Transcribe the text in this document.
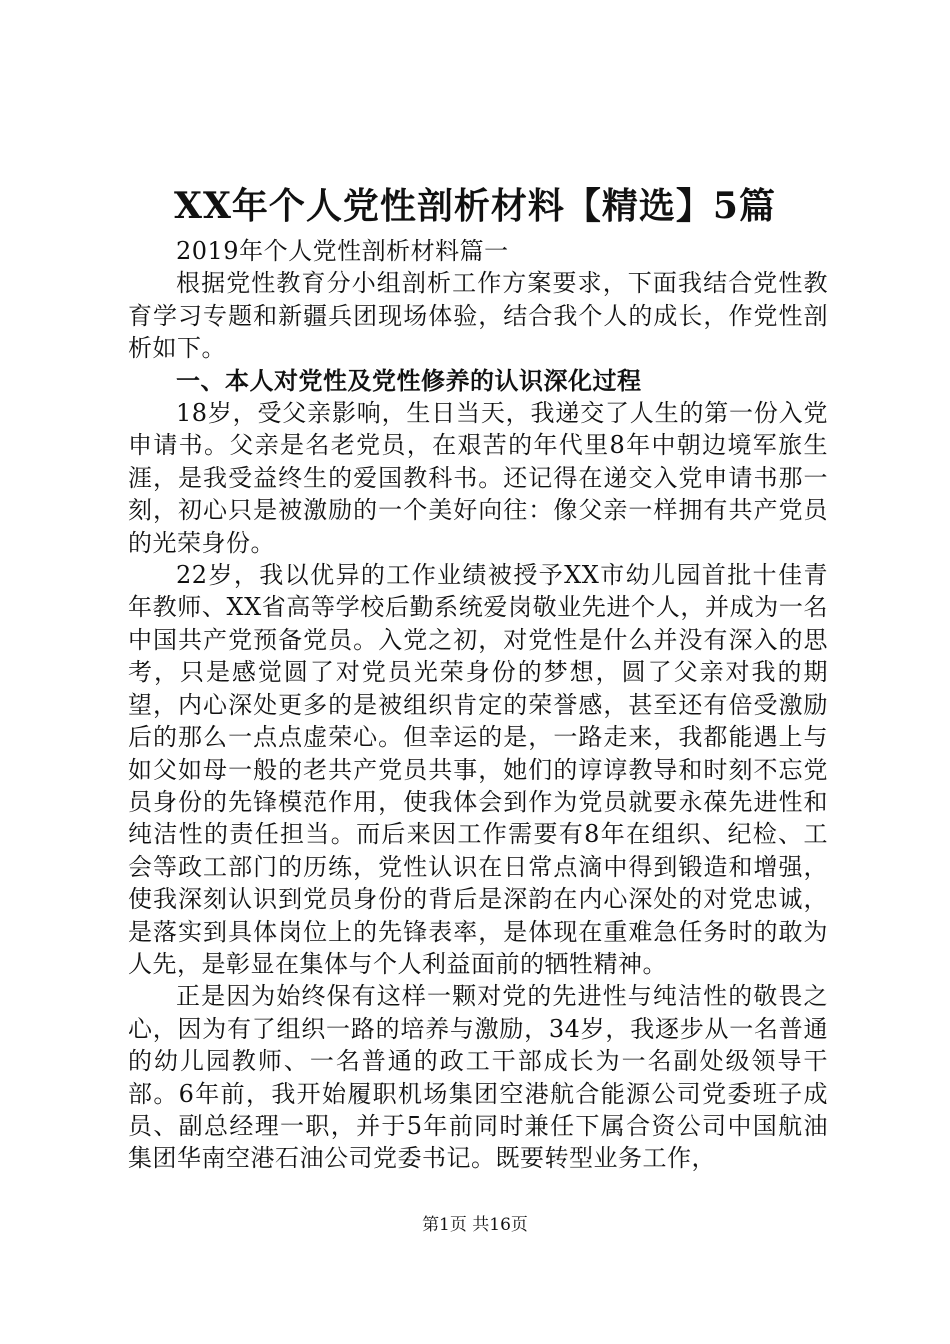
XX年个人党性剖析材料【精选】5篇

2019年个人党性剖析材料篇一

根据党性教育分小组剖析工作方案要求，下面我结合党性教育学习专题和新疆兵团现场体验，结合我个人的成长，作党性剖析如下。

一、本人对党性及党性修养的认识深化过程

18岁，受父亲影响，生日当天，我递交了人生的第一份入党申请书。父亲是名老党员，在艰苦的年代里8年中朝边境军旅生涯，是我受益终生的爱国教科书。还记得在递交入党申请书那一刻，初心只是被激励的一个美好向往：像父亲一样拥有共产党员的光荣身份。

22岁，我以优异的工作业绩被授予XX市幼儿园首批十佳青年教师、XX省高等学校后勤系统爱岗敬业先进个人，并成为一名中国共产党预备党员。入党之初，对党性是什么并没有深入的思考，只是感觉圆了对党员光荣身份的梦想，圆了父亲对我的期望，内心深处更多的是被组织肯定的荣誉感，甚至还有倍受激励后的那么一点点虚荣心。但幸运的是，一路走来，我都能遇上与如父如母一般的老共产党员共事，她们的谆谆教导和时刻不忘党员身份的先锋模范作用，使我体会到作为党员就要永葆先进性和纯洁性的责任担当。而后来因工作需要有8年在组织、纪检、工会等政工部门的历练，党性认识在日常点滴中得到锻造和增强，使我深刻认识到党员身份的背后是深韵在内心深处的对党忠诚，是落实到具体岗位上的先锋表率，是体现在重难急任务时的敢为人先，是彰显在集体与个人利益面前的牺牲精神。

正是因为始终保有这样一颗对党的先进性与纯洁性的敬畏之心，因为有了组织一路的培养与激励，34岁，我逐步从一名普通的幼儿园教师、一名普通的政工干部成长为一名副处级领导干部。6年前，我开始履职机场集团空港航合能源公司党委班子成员、副总经理一职，并于5年前同时兼任下属合资公司中国航油集团华南空港石油公司党委书记。既要转型业务工作，

第1页 共16页
